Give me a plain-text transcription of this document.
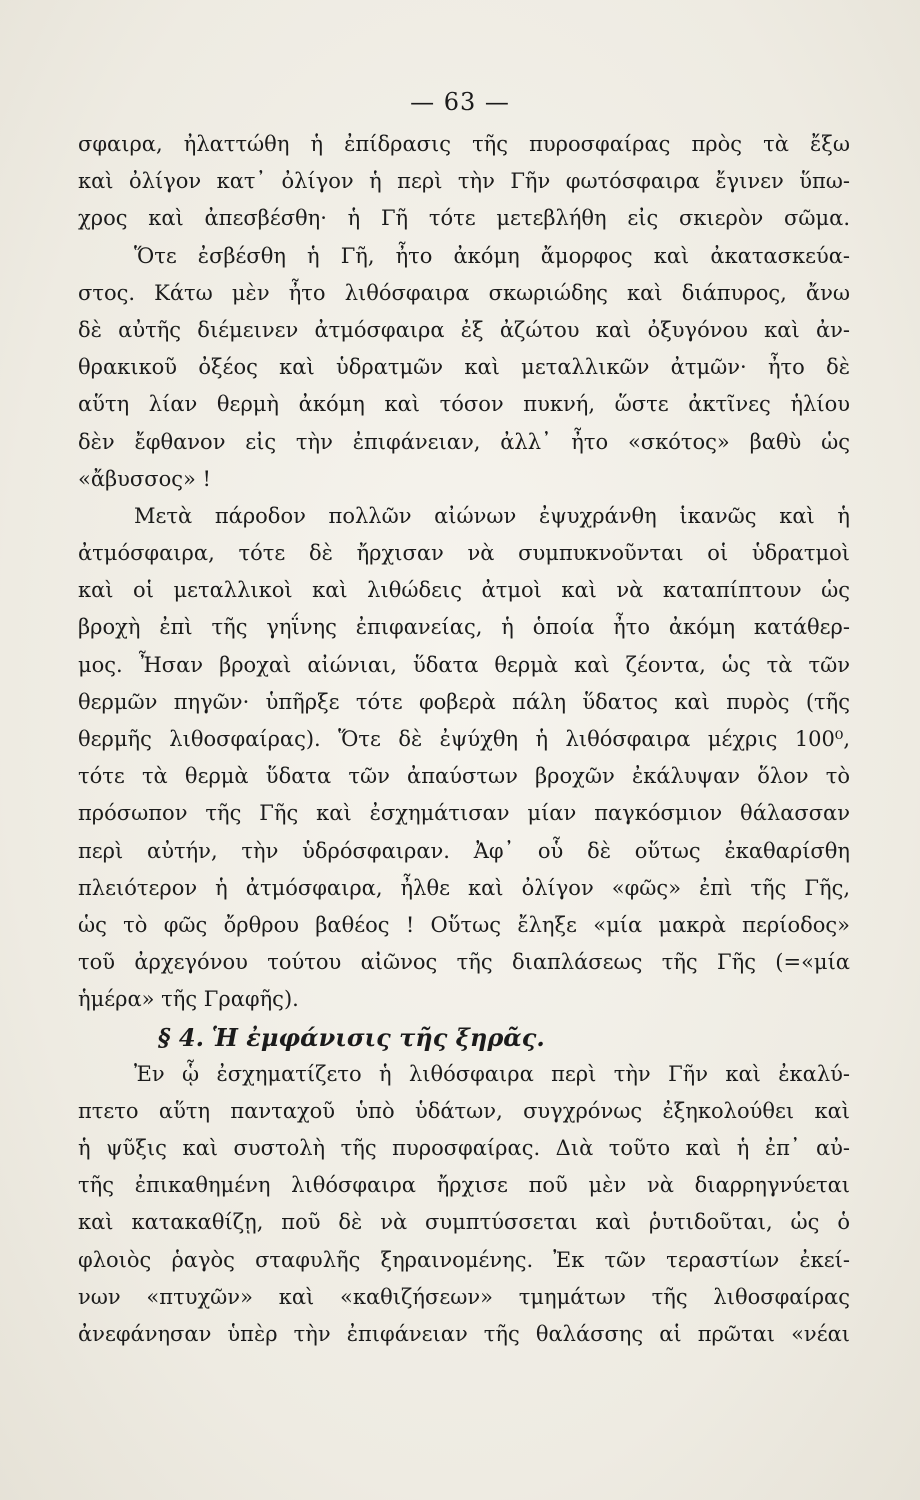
— 63 —
σφαιρα, ἠλαττώθη ἡ ἐπίδρασις τῆς πυροσφαίρας πρὸς τὰ ἔξω
καὶ ὀλίγον κατ᾽ ὀλίγον ἡ περὶ τὴν Γῆν φωτόσφαιρα ἔγινεν ὕπω-
χρος καὶ ἀπεσβέσθη· ἡ Γῆ τότε μετεβλήθη εἰς σκιερὸν σῶμα.
Ὅτε ἐσβέσθη ἡ Γῆ, ἦτο ἀκόμη ἄμορφος καὶ ἀκατασκεύα-
στος. Κάτω μὲν ἦτο λιθόσφαιρα σκωριώδης καὶ διάπυρος, ἄνω
δὲ αὐτῆς διέμεινεν ἀτμόσφαιρα ἐξ ἀζώτου καὶ ὀξυγόνου καὶ ἀν-
θρακικοῦ ὀξέος καὶ ὑδρατμῶν καὶ μεταλλικῶν ἀτμῶν· ἦτο δὲ
αὕτη λίαν θερμὴ ἀκόμη καὶ τόσον πυκνή, ὥστε ἀκτῖνες ἡλίου
δὲν ἔφθανον εἰς τὴν ἐπιφάνειαν, ἀλλ᾽ ἦτο «σκότος» βαθὺ ὡς
«ἄβυσσος» !
Μετὰ πάροδον πολλῶν αἰώνων ἐψυχράνθη ἱκανῶς καὶ ἡ
ἀτμόσφαιρα, τότε δὲ ἤρχισαν νὰ συμπυκνοῦνται οἱ ὑδρατμοὶ
καὶ οἱ μεταλλικοὶ καὶ λιθώδεις ἀτμοὶ καὶ νὰ καταπίπτουν ὡς
βροχὴ ἐπὶ τῆς γηΐνης ἐπιφανείας, ἡ ὁποία ἦτο ἀκόμη κατάθερ-
μος. Ἦσαν βροχαὶ αἰώνιαι, ὕδατα θερμὰ καὶ ζέοντα, ὡς τὰ τῶν
θερμῶν πηγῶν· ὑπῆρξε τότε φοβερὰ πάλη ὕδατος καὶ πυρὸς (τῆς
θερμῆς λιθοσφαίρας). Ὅτε δὲ ἐψύχθη ἡ λιθόσφαιρα μέχρις 100⁰,
τότε τὰ θερμὰ ὕδατα τῶν ἀπαύστων βροχῶν ἐκάλυψαν ὅλον τὸ
πρόσωπον τῆς Γῆς καὶ ἐσχημάτισαν μίαν παγκόσμιον θάλασσαν
περὶ αὐτήν, τὴν ὑδρόσφαιραν. Ἀφ᾽ οὗ δὲ οὕτως ἐκαθαρίσθη
πλειότερον ἡ ἀτμόσφαιρα, ἦλθε καὶ ὀλίγον «φῶς» ἐπὶ τῆς Γῆς,
ὡς τὸ φῶς ὄρθρου βαθέος ! Οὕτως ἔληξε «μία μακρὰ περίοδος»
τοῦ ἀρχεγόνου τούτου αἰῶνος τῆς διαπλάσεως τῆς Γῆς (=«μία
ἡμέρα» τῆς Γραφῆς).
§ 4. Ἡ ἐμφάνισις τῆς ξηρᾶς.
Ἐν ᾧ ἐσχηματίζετο ἡ λιθόσφαιρα περὶ τὴν Γῆν καὶ ἐκαλύ-
πτετο αὕτη πανταχοῦ ὑπὸ ὑδάτων, συγχρόνως ἐξηκολούθει καὶ
ἡ ψῦξις καὶ συστολὴ τῆς πυροσφαίρας. Διὰ τοῦτο καὶ ἡ ἐπ᾽ αὐ-
τῆς ἐπικαθημένη λιθόσφαιρα ἤρχισε ποῦ μὲν νὰ διαρρηγνύεται
καὶ κατακαθίζῃ, ποῦ δὲ νὰ συμπτύσσεται καὶ ῥυτιδοῦται, ὡς ὁ
φλοιὸς ῥαγὸς σταφυλῆς ξηραινομένης. Ἐκ τῶν τεραστίων ἐκεί-
νων «πτυχῶν» καὶ «καθιζήσεων» τμημάτων τῆς λιθοσφαίρας
ἀνεφάνησαν ὑπὲρ τὴν ἐπιφάνειαν τῆς θαλάσσης αἱ πρῶται «νέαι
